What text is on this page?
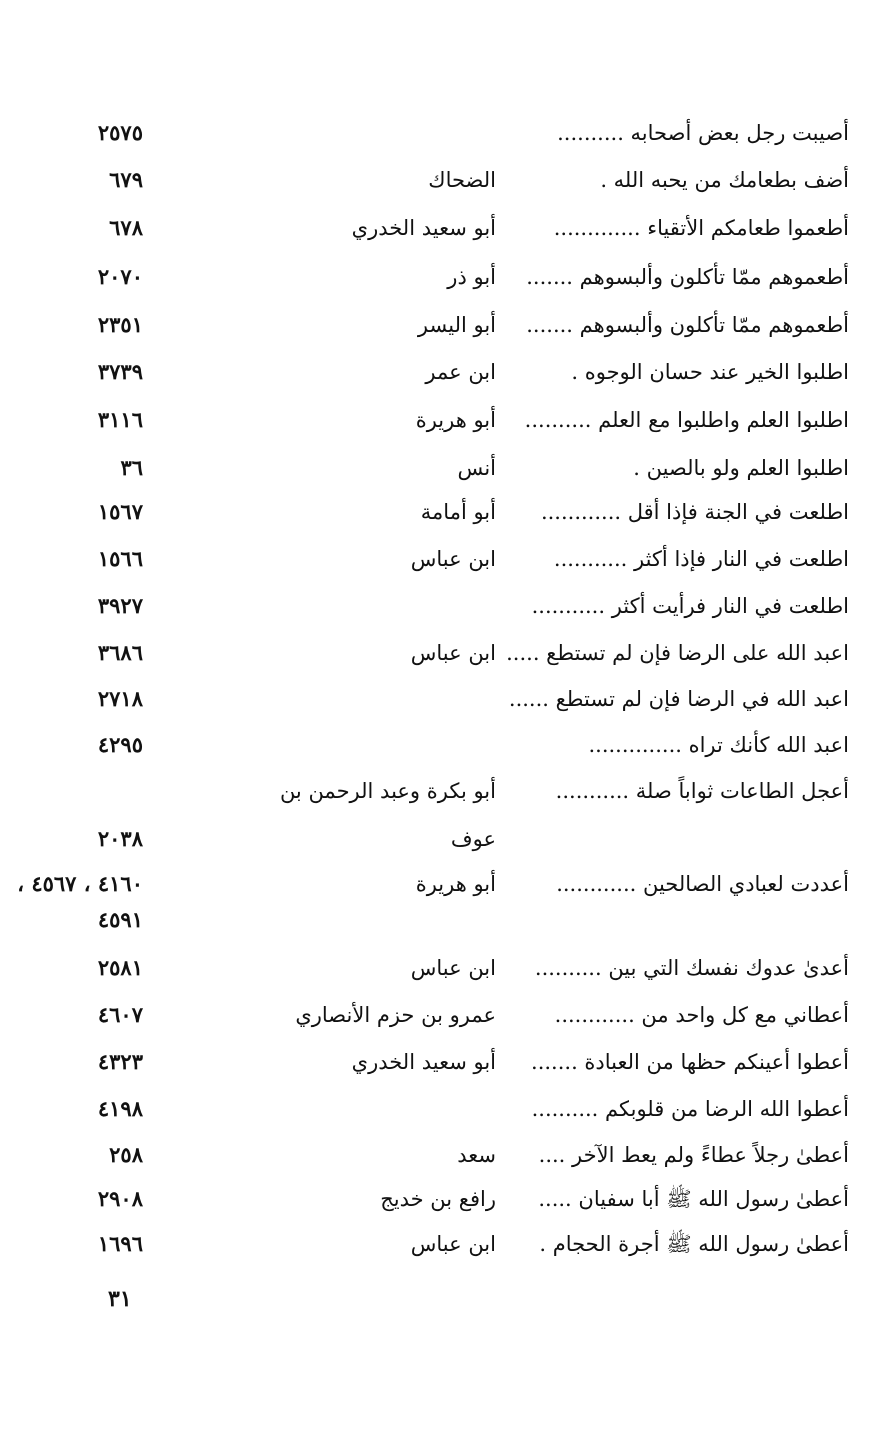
أصيبت رجل بعض أصحابه ..........
٢٥٧٥
أضف بطعامك من يحبه الله .
الضحاك
٦٧٩
أطعموا طعامكم الأتقياء .............
أبو سعيد الخدري
٦٧٨
أطعموهم ممّا تأكلون وألبسوهم .......
أبو ذر
٢٠٧٠
أطعموهم ممّا تأكلون وألبسوهم .......
أبو اليسر
٢٣٥١
اطلبوا الخير عند حسان الوجوه .
ابن عمر
٣٧٣٩
اطلبوا العلم واطلبوا مع العلم ..........
أبو هريرة
٣١١٦
اطلبوا العلم ولو بالصين .
أنس
٣٦
اطلعت في الجنة فإذا أقل ............
أبو أمامة
١٥٦٧
اطلعت في النار فإذا أكثر ...........
ابن عباس
١٥٦٦
اطلعت في النار فرأيت أكثر ...........
٣٩٢٧
اعبد الله على الرضا فإن لم تستطع .....
ابن عباس
٣٦٨٦
اعبد الله في الرضا فإن لم تستطع ......
٢٧١٨
اعبد الله كأنك تراه ..............
٤٢٩٥
أعجل الطاعات ثواباً صلة ...........
أبو بكرة وعبد الرحمن بن
عوف
٢٠٣٨
أعددت لعبادي الصالحين ............
أبو هريرة
٤١٦٠ ، ٤٥٦٧ ،
٤٥٩١
أعدیٰ عدوك نفسك التي بين ..........
ابن عباس
٢٥٨١
أعطاني مع كل واحد من ............
عمرو بن حزم الأنصاري
٤٦٠٧
أعطوا أعينكم حظها من العبادة .......
أبو سعيد الخدري
٤٣٢٣
أعطوا الله الرضا من قلوبكم ..........
٤١٩٨
أعطیٰ رجلاً عطاءً ولم يعط الآخر ....
سعد
٢٥٨
أعطیٰ رسول الله ﷺ أبا سفيان .....
رافع بن خديج
٢٩٠٨
أعطیٰ رسول الله ﷺ أجرة الحجام .
ابن عباس
١٦٩٦
٣١
